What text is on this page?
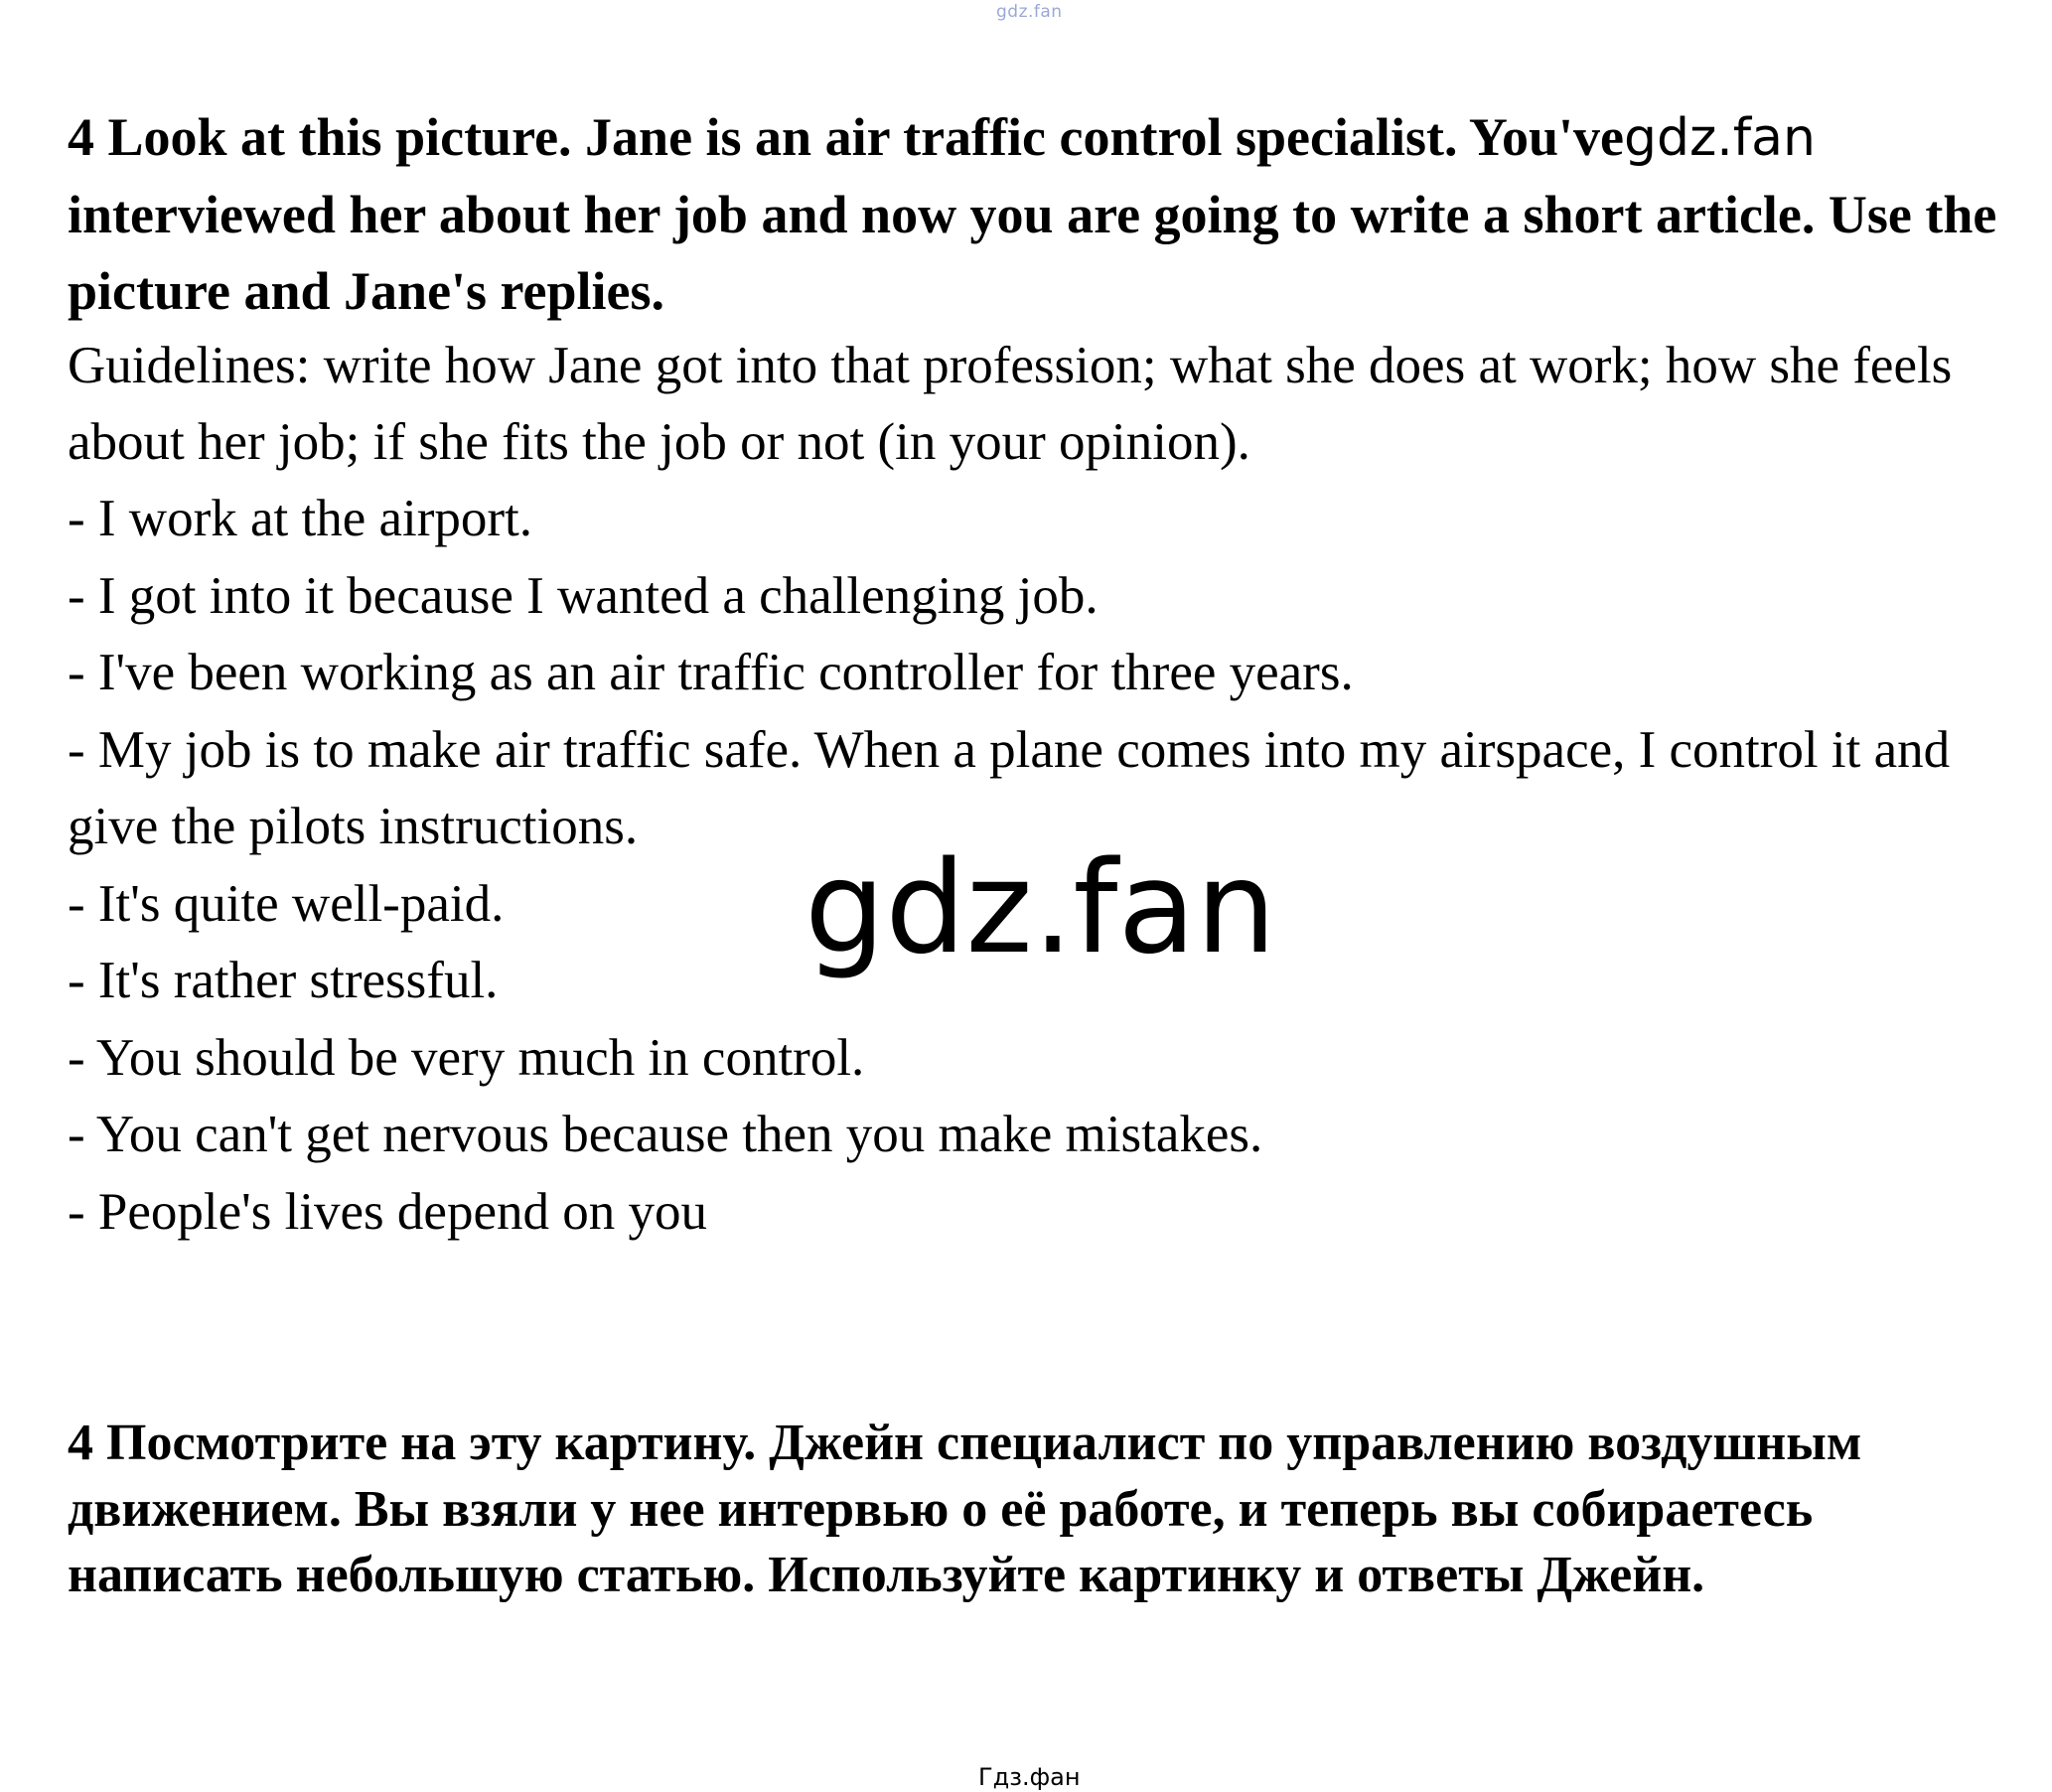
gdz.fan

4 Look at this picture. Jane is an air traffic control specialist. You'vegdz.fan interviewed her about her job and now you are going to write a short article. Use the picture and Jane's replies.

Guidelines: write how Jane got into that profession; what she does at work; how she feels about her job; if she fits the job or not (in your opinion).

- I work at the airport.
- I got into it because I wanted a challenging job.
- I've been working as an air traffic controller for three years.
- My job is to make air traffic safe. When a plane comes into my airspace, I control it and give the pilots instructions.
- It's quite well-paid.
- It's rather stressful.
- You should be very much in control.
- You can't get nervous because then you make mistakes.
- People's lives depend on you
gdz.fan

4 Посмотрите на эту картину. Джейн специалист по управлению воздушным движением. Вы взяли у нее интервью о её работе, и теперь вы собираетесь написать небольшую статью. Используйте картинку и ответы Джейн.

Гдз.фан
